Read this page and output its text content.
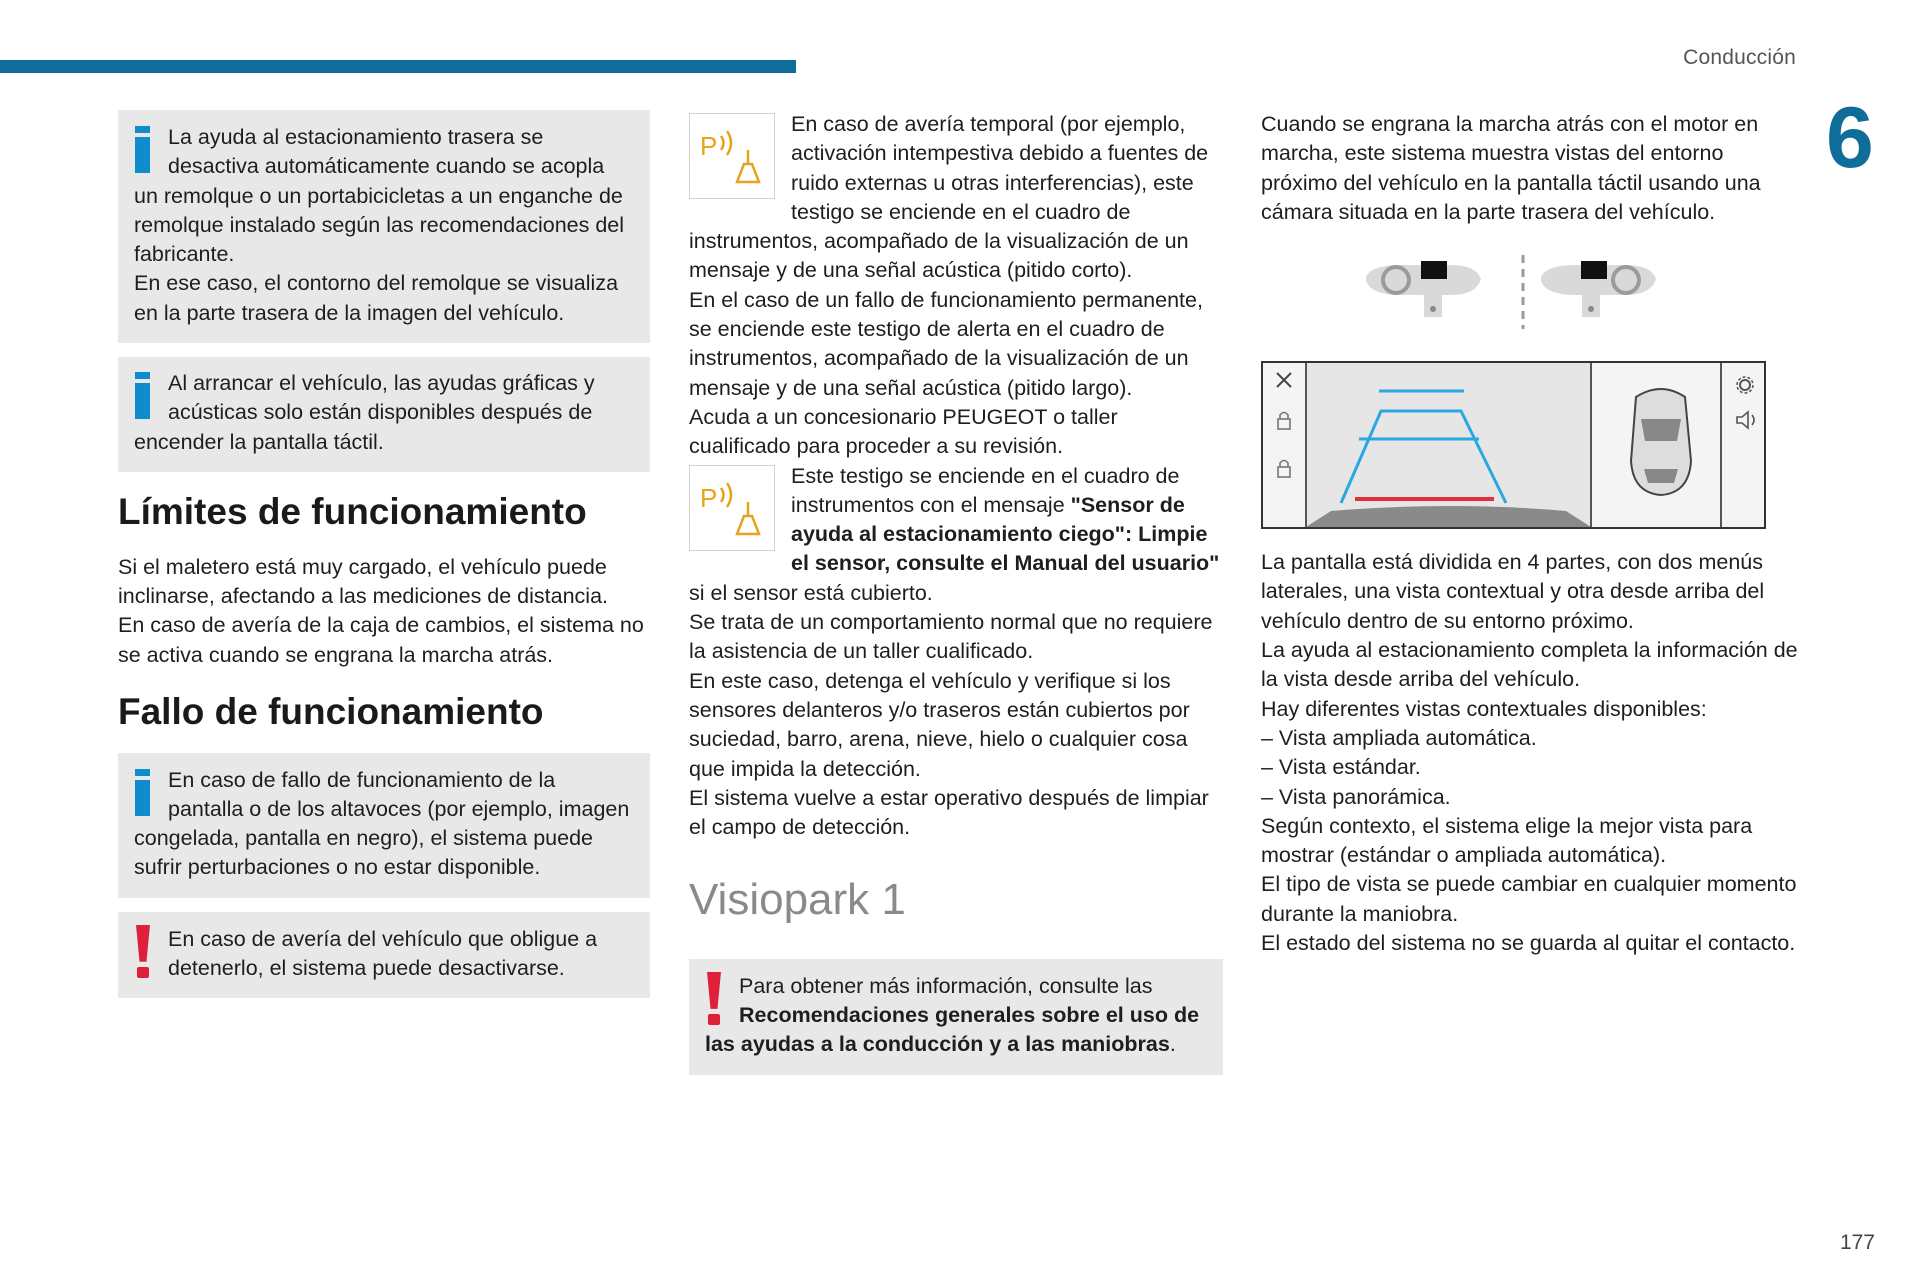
Conducción
6
177

La ayuda al estacionamiento trasera se desactiva automáticamente cuando se acopla un remolque o un portabicicletas a un enganche de remolque instalado según las recomendaciones del fabricante.

En ese caso, el contorno del remolque se visualiza en la parte trasera de la imagen del vehículo.

Al arrancar el vehículo, las ayudas gráficas y acústicas solo están disponibles después de encender la pantalla táctil.

Límites de funcionamiento

Si el maletero está muy cargado, el vehículo puede inclinarse, afectando a las mediciones de distancia.

En caso de avería de la caja de cambios, el sistema no se activa cuando se engrana la marcha atrás.

Fallo de funcionamiento

En caso de fallo de funcionamiento de la pantalla o de los altavoces (por ejemplo, imagen congelada, pantalla en negro), el sistema puede sufrir perturbaciones o no estar disponible.

En caso de avería del vehículo que obligue a detenerlo, el sistema puede desactivarse.

P

En caso de avería temporal (por ejemplo, activación intempestiva debido a fuentes de ruido externas u otras interferencias), este testigo se enciende en el cuadro de instrumentos, acompañado de la visualización de un mensaje y de una señal acústica (pitido corto).

En el caso de un fallo de funcionamiento permanente, se enciende este testigo de alerta en el cuadro de instrumentos, acompañado de la visualización de un mensaje y de una señal acústica (pitido largo).

Acuda a un concesionario PEUGEOT o taller cualificado para proceder a su revisión.

P

Este testigo se enciende en el cuadro de instrumentos con el mensaje "Sensor de ayuda al estacionamiento ciego": Limpie el sensor, consulte el Manual del usuario" si el sensor está cubierto.

Se trata de un comportamiento normal que no requiere la asistencia de un taller cualificado.

En este caso, detenga el vehículo y verifique si los sensores delanteros y/o traseros están cubiertos por suciedad, barro, arena, nieve, hielo o cualquier cosa que impida la detección.

El sistema vuelve a estar operativo después de limpiar el campo de detección.

Visiopark 1

Para obtener más información, consulte las Recomendaciones generales sobre el uso de las ayudas a la conducción y a las maniobras.

Cuando se engrana la marcha atrás con el motor en marcha, este sistema muestra vistas del entorno próximo del vehículo en la pantalla táctil usando una cámara situada en la parte trasera del vehículo.

La pantalla está dividida en 4 partes, con dos menús laterales, una vista contextual y otra desde arriba del vehículo dentro de su entorno próximo.

La ayuda al estacionamiento completa la información de la vista desde arriba del vehículo.

Hay diferentes vistas contextuales disponibles:

– Vista ampliada automática.

– Vista estándar.

– Vista panorámica.

Según contexto, el sistema elige la mejor vista para mostrar (estándar o ampliada automática).

El tipo de vista se puede cambiar en cualquier momento durante la maniobra.

El estado del sistema no se guarda al quitar el contacto.
